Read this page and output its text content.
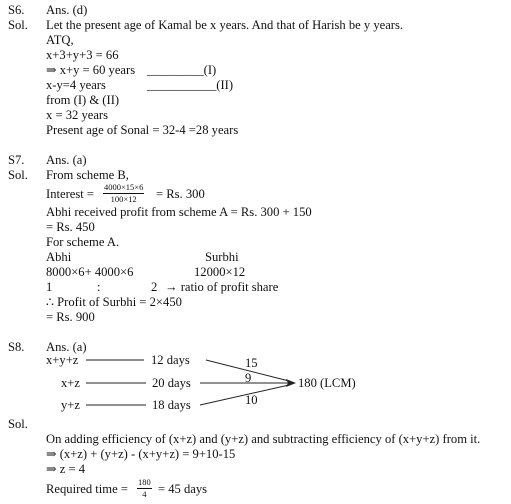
S6. Ans. (d)
Sol. Let the present age of Kamal be x years. And that of Harish be y years.
ATQ,
x+3+y+3 = 66
⇒ x+y = 60 years _________(I)
x-y=4 years	___________(II)
from (I) & (II)
x = 32 years
Present age of Sonal = 32-4 =28 years
S7. Ans. (a)
Sol. From scheme B,
Interest = $\frac{4000\times 15\times 6}{100\times 12} = Rs$. 300
Abhi received profit from scheme A = Rs. 300 + 150
= Rs. 450
For scheme A.
Abhi	Surbhi
8000×6+ 4000×6	12000×12
1	:	2 → ratio of profit share
∴ Profit of Surbhi = 2×450
= Rs. 900
S8. Ans. (a)
x+y+z	12 days
x+z	20 days
y+z	18 days
15
9
10
180 (LCM)
Sol.
On adding efficiency of (x+z) and (y+z) and subtracting efficiency of (x+y+z) from it.
⇒ (x+z) + (y+z) - (x+y+z) = 9+10-15
⇒ z = 4
Required time = $\frac{180}{4} = 45$ days
